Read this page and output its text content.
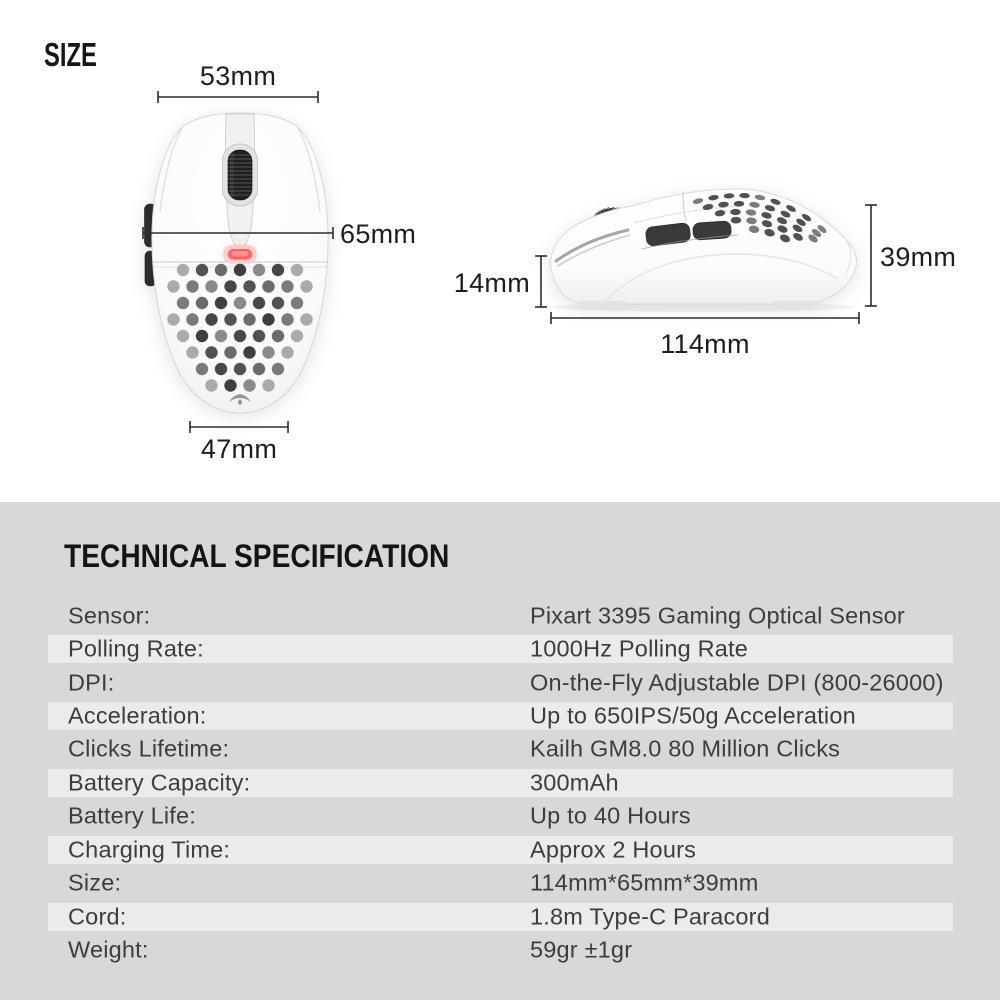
SIZE
53mm
65mm
47mm
14mm
39mm
114mm
TECHNICAL SPECIFICATION
Sensor:	Pixart 3395 Gaming Optical Sensor
Polling Rate:	1000Hz Polling Rate
DPI:	On-the-Fly Adjustable DPI (800-26000)
Acceleration:	Up to 650IPS/50g Acceleration
Clicks Lifetime:	Kailh GM8.0 80 Million Clicks
Battery Capacity:	300mAh
Battery Life:	Up to 40 Hours
Charging Time:	Approx 2 Hours
Size:	114mm*65mm*39mm
Cord:	1.8m Type-C Paracord
Weight:	59gr ±1gr
